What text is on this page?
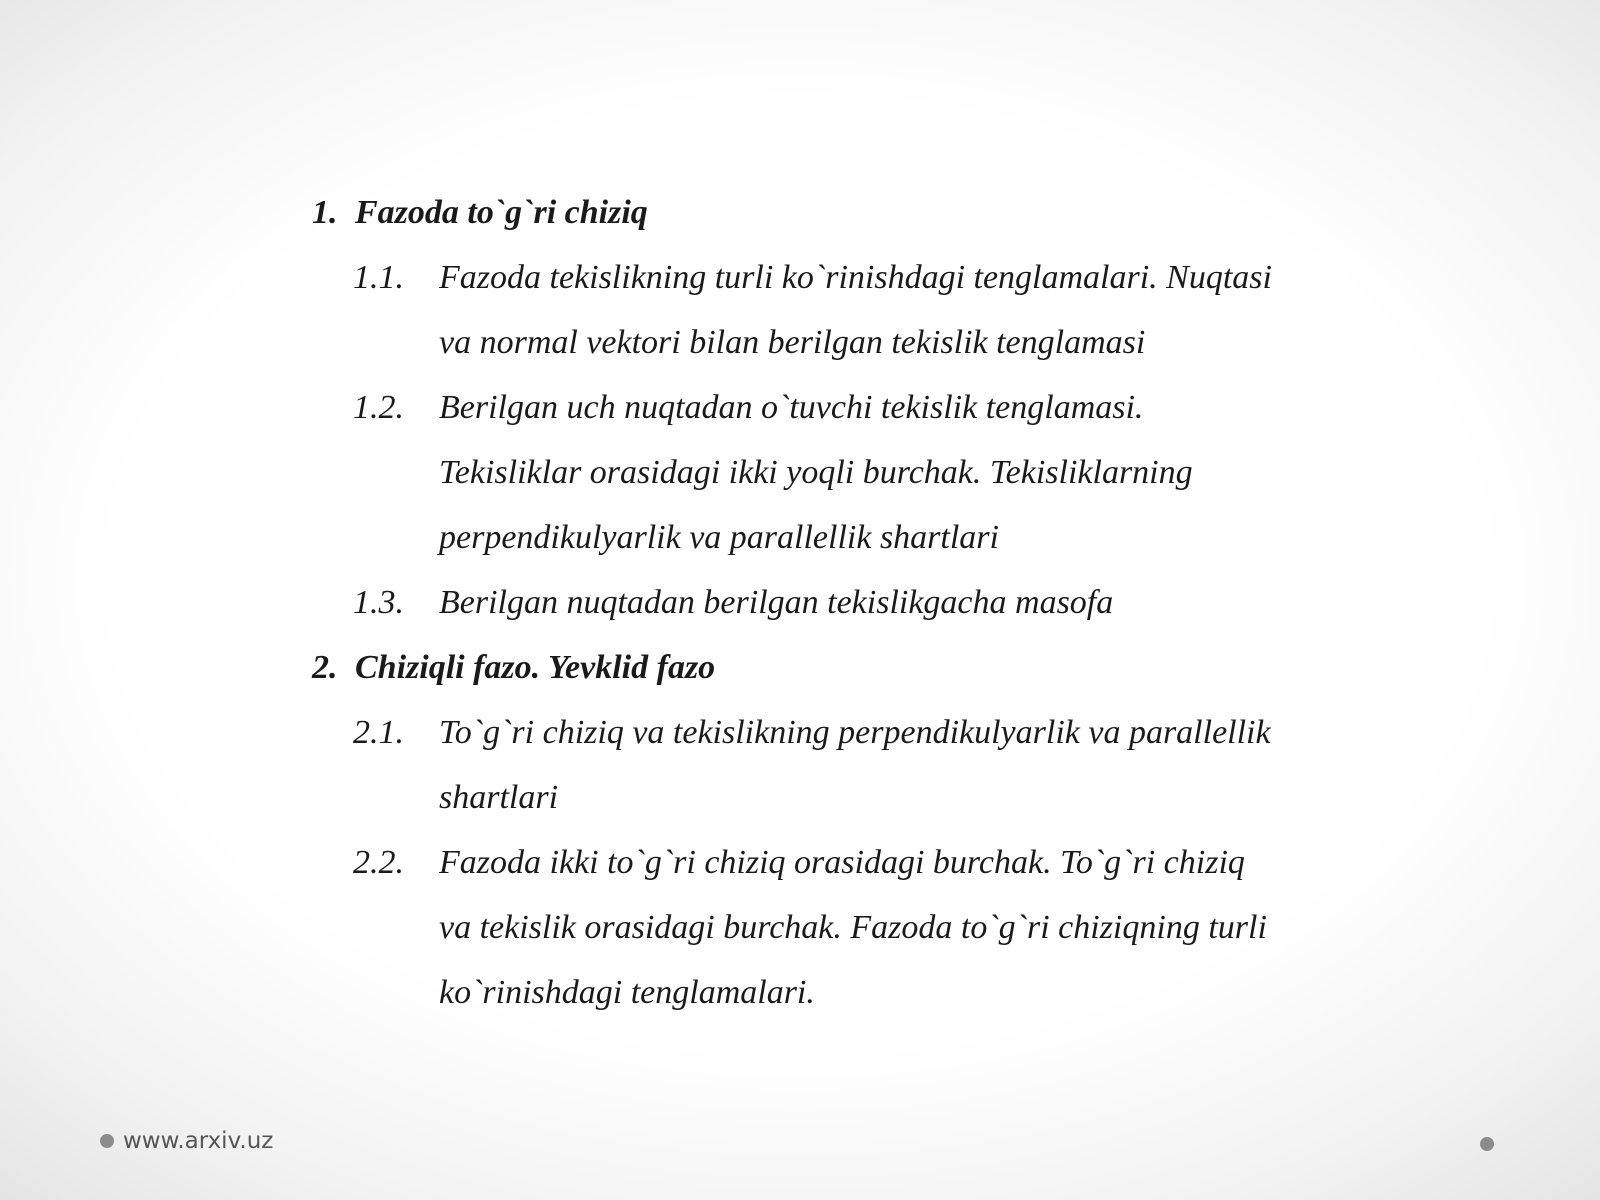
1. Fazoda to`g`ri chiziq
1.1.	Fazoda tekislikning turli ko`rinishdagi tenglamalari. Nuqtasi
va normal vektori bilan berilgan tekislik tenglamasi
1.2.	Berilgan uch nuqtadan o`tuvchi tekislik tenglamasi.
Tekisliklar orasidagi ikki yoqli burchak. Tekisliklarning
perpendikulyarlik va parallellik shartlari
1.3.	Berilgan nuqtadan berilgan tekislikgacha masofa
2. Chiziqli fazo. Yevklid fazo
2.1.	To`g`ri chiziq va tekislikning perpendikulyarlik va parallellik
shartlari
2.2.	Fazoda ikki to`g`ri chiziq orasidagi burchak. To`g`ri chiziq
va tekislik orasidagi burchak. Fazoda to`g`ri chiziqning turli
ko`rinishdagi tenglamalari.
www.arxiv.uz
